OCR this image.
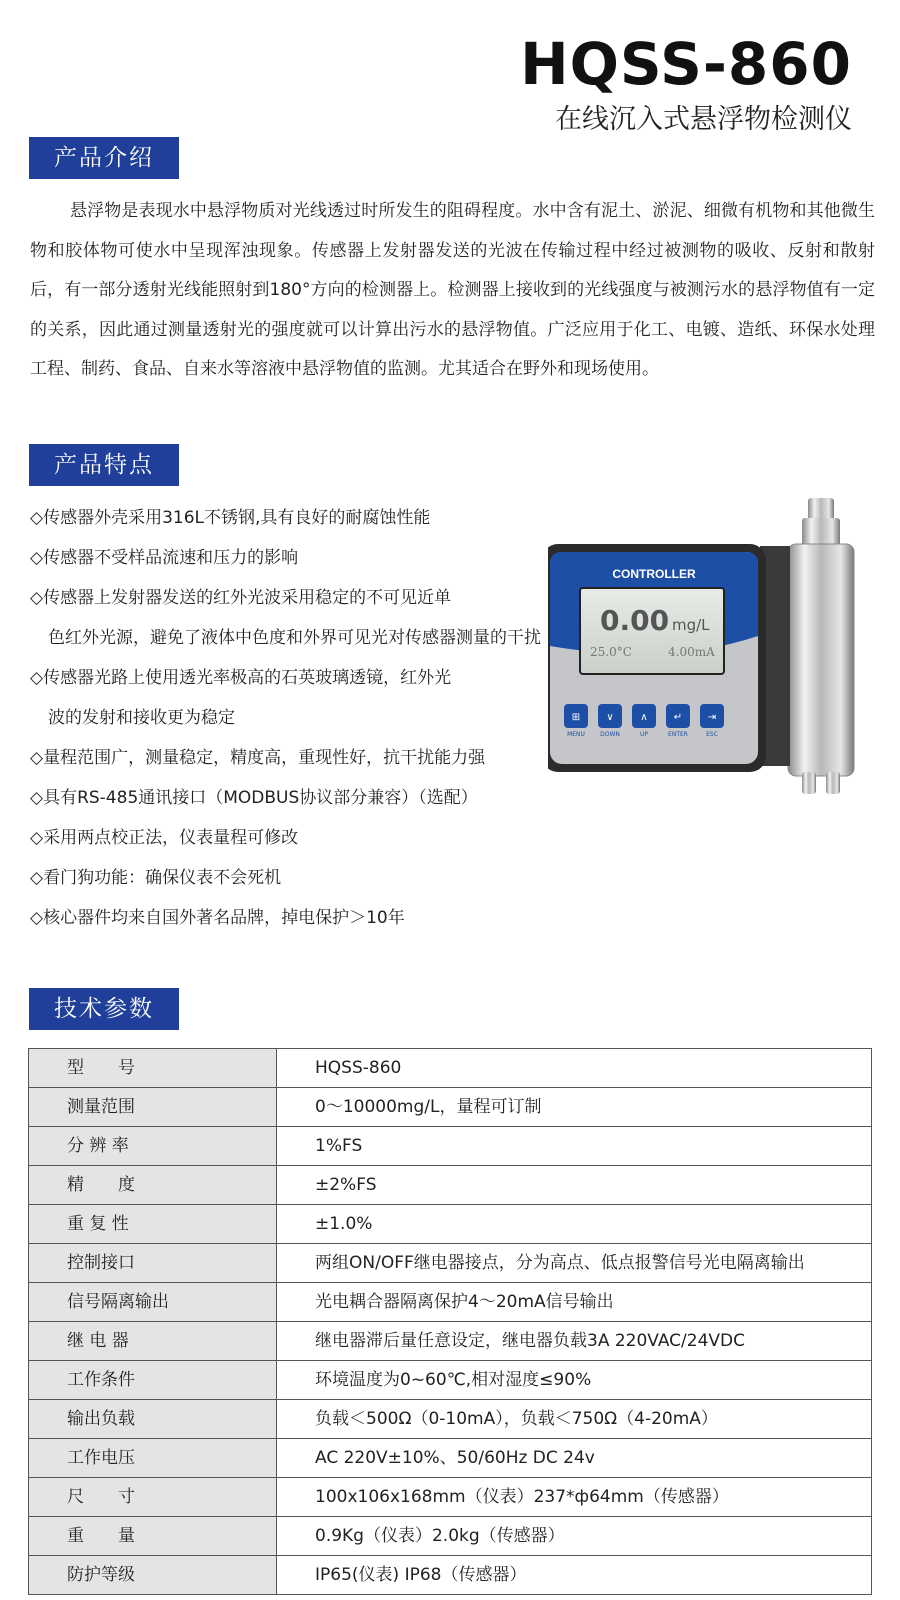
HQSS-860
在线沉入式悬浮物检测仪
产品介绍
悬浮物是表现水中悬浮物质对光线透过时所发生的阻碍程度。水中含有泥土、淤泥、细微有机物和其他微生物和胶体物可使水中呈现浑浊现象。传感器上发射器发送的光波在传输过程中经过被测物的吸收、反射和散射后，有一部分透射光线能照射到180°方向的检测器上。检测器上接收到的光线强度与被测污水的悬浮物值有一定的关系，因此通过测量透射光的强度就可以计算出污水的悬浮物值。广泛应用于化工、电镀、造纸、环保水处理工程、制药、食品、自来水等溶液中悬浮物值的监测。尤其适合在野外和现场使用。
产品特点
◇传感器外壳采用316L不锈钢,具有良好的耐腐蚀性能
◇传感器不受样品流速和压力的影响
◇传感器上发射器发送的红外光波采用稳定的不可见近单
色红外光源，避免了液体中色度和外界可见光对传感器测量的干扰
◇传感器光路上使用透光率极高的石英玻璃透镜，红外光
波的发射和接收更为稳定
◇量程范围广，测量稳定，精度高，重现性好，抗干扰能力强
◇具有RS-485通讯接口（MODBUS协议部分兼容）（选配）
◇采用两点校正法，仪表量程可修改
◇看门狗功能：确保仪表不会死机
◇核心器件均来自国外著名品牌，掉电保护＞10年
CONTROLLER
0.00 mg/L
25.0°C	4.00mA
⊞
MENU
∨
DOWN
∧
UP
↵
ENTER
⇥
ESC
技术参数
型　　号	HQSS-860
测量范围	0～10000mg/L，量程可订制
分 辨 率	1%FS
精　　度	±2%FS
重 复 性	±1.0%
控制接口	两组ON/OFF继电器接点，分为高点、低点报警信号光电隔离输出
信号隔离输出	光电耦合器隔离保护4～20mA信号输出
继 电 器	继电器滞后量任意设定，继电器负载3A 220VAC/24VDC
工作条件	环境温度为0~60℃,相对湿度≤90%
输出负载	负载＜500Ω（0-10mA），负载＜750Ω（4-20mA）
工作电压	AC 220V±10%、50/60Hz DC 24v
尺　　寸	100x106x168mm（仪表）237*ф64mm（传感器）
重　　量	0.9Kg（仪表）2.0kg（传感器）
防护等级	IP65(仪表) IP68（传感器）
